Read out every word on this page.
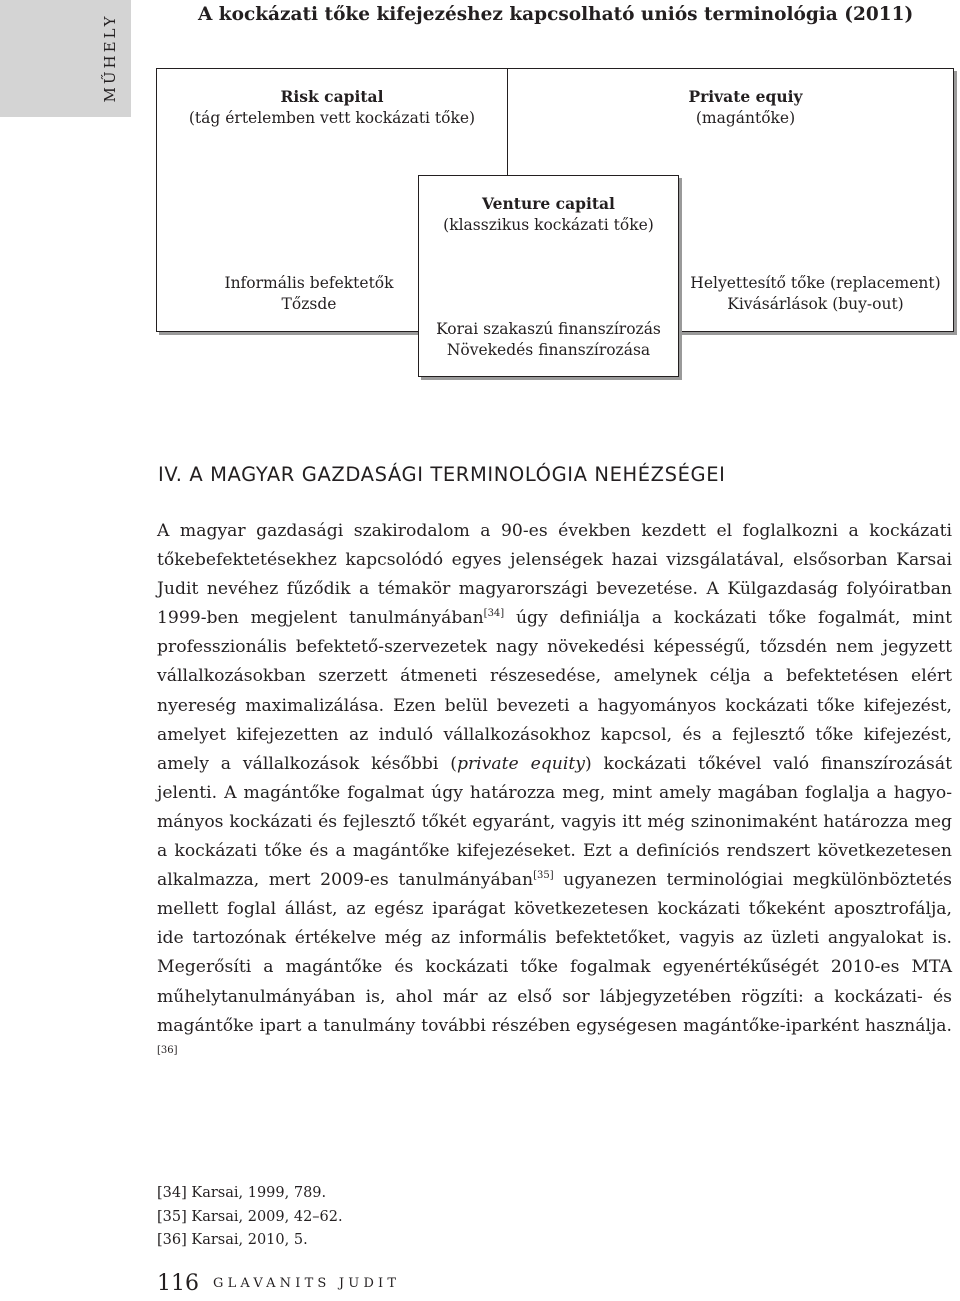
MŰHELY	A kockázati tőke kifejezéshez kapcsolható uniós terminológia (2011)
Risk capital
(tág értelemben vett kockázati tőke)
Informális befektetők
Tőzsde
Private equiy
(magántőke)
Helyettesítő tőke (replacement)
Kivásárlások (buy-out)
Venture capital
(klasszikus kockázati tőke)
Korai szakaszú finanszírozás
Növekedés finanszírozása
IV. A MAGYAR GAZDASÁGI TERMINOLÓGIA NEHÉZSÉGEI
A magyar gazdasági szakirodalom a 90-es években kezdett el foglalkozni a kockázati tőkebefektetésekhez kapcsolódó egyes jelenségek hazai vizsgálatával, elsősorban Karsai Judit nevéhez fűződik a témakör magyarországi bevezetése. A Külgazdaság folyóiratban 1999-ben megjelent tanulmányában[34] úgy definiálja a kockázati tőke fogalmát, mint professzionális befektető-szervezetek nagy növekedési képességű, tőzsdén nem jegyzett vállalkozásokban szerzett átmeneti részesedése, amelynek célja a befektetésen elért nyereség maximalizálása. Ezen belül bevezeti a hagyományos kockázati tőke kifejezést, amelyet kifejezetten az induló vállalkozásokhoz kapcsol, és a fejlesztő tőke kifejezést, amely a vállalkozások későbbi (private equity) kockázati tőkével való finanszírozását jelenti. A magántőke fogalmat úgy határozza meg, mint amely magában foglalja a hagyományos kockázati és fejlesztő tőkét egyaránt, vagyis itt még szinonimaként határozza meg a kockázati tőke és a magántőke kifejezéseket. Ezt a definíciós rendszert következetesen alkalmazza, mert 2009-es tanulmányában[35] ugyanezen terminológiai megkülönböztetés mellett foglal állást, az egész iparágat következetesen kockázati tőkeként aposztrofálja, ide tartozónak értékelve még az informális befektetőket, vagyis az üzleti angyalokat is. Megerősíti a magántőke és kockázati tőke fogalmak egyenértékűségét 2010-es MTA műhelytanulmányában is, ahol már az első sor lábjegyzetében rögzíti: a kockázati- és magántőke ipart a tanulmány további részében egységesen magántőke-iparként használja.[36]
[34] Karsai, 1999, 789.
[35] Karsai, 2009, 42–62.
[36] Karsai, 2010, 5.
116 GLAVANITS JUDIT
